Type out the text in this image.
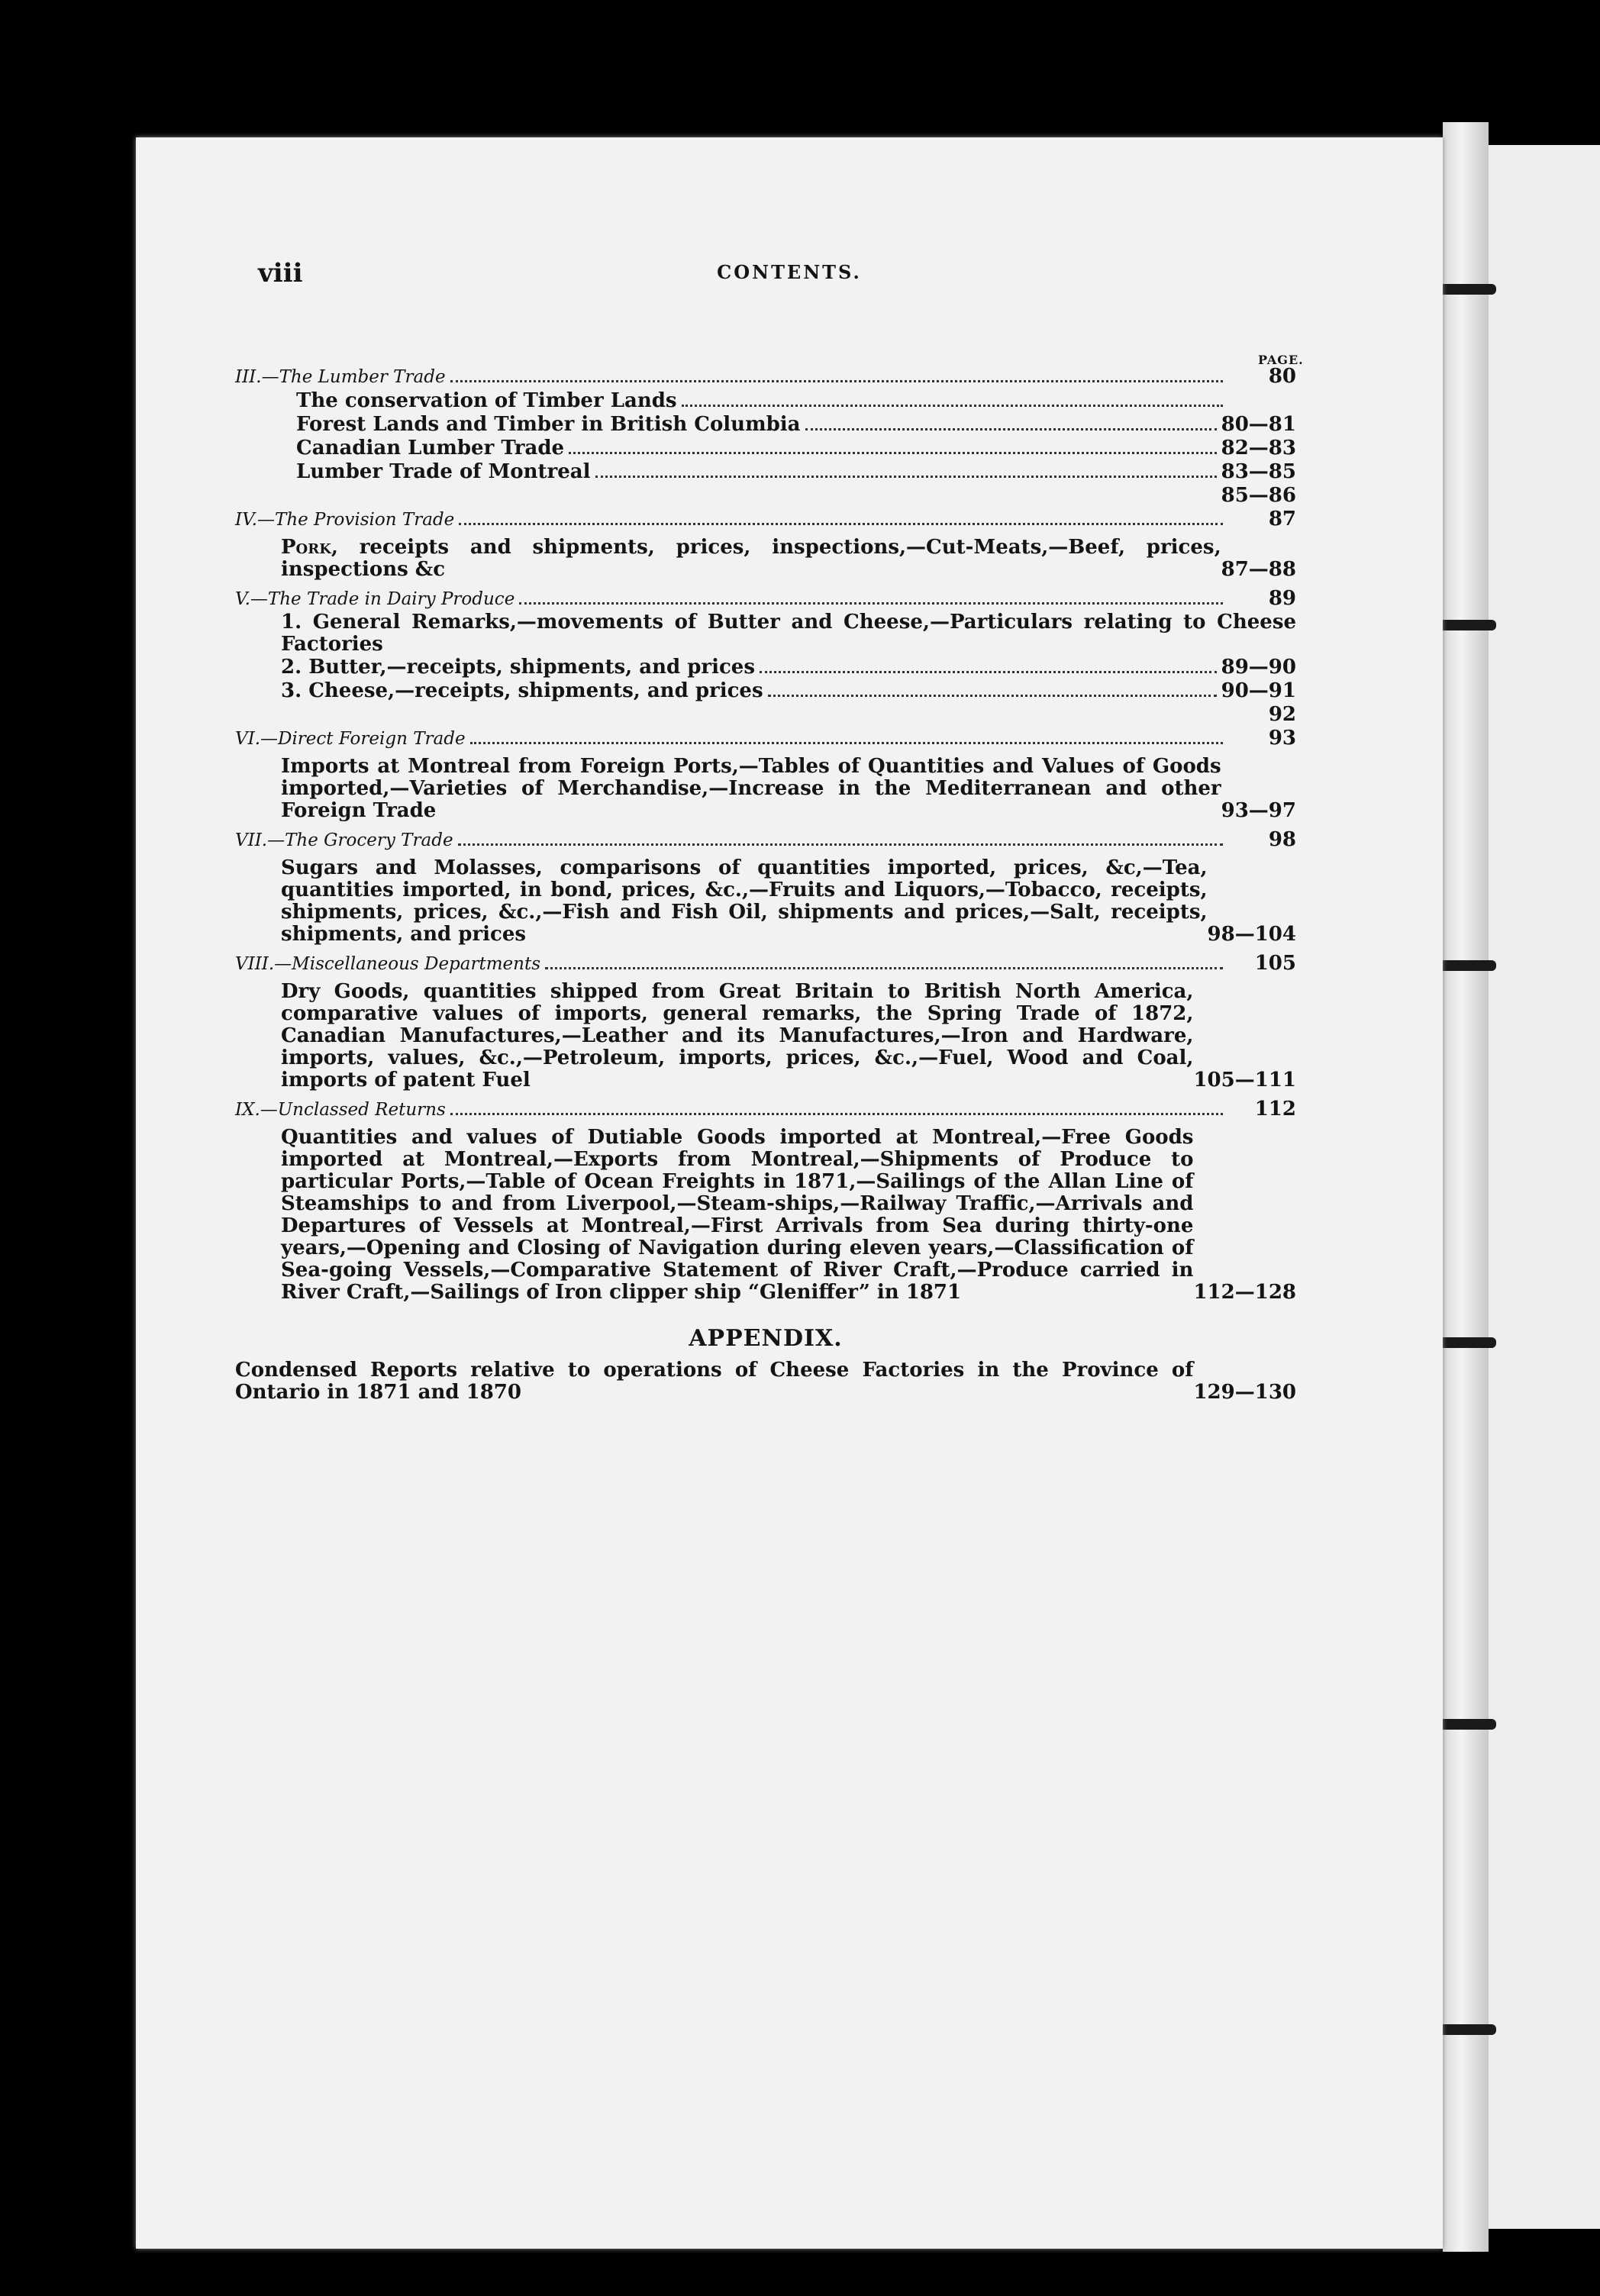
viii	CONTENTS.
PAGE.
III.—The Lumber Trade	80
The conservation of Timber Lands
Forest Lands and Timber in British Columbia	80—81
Canadian Lumber Trade	82—83
Lumber Trade of Montreal	83—85
85—86
IV.—The Provision Trade	87
Pork, receipts and shipments, prices, inspections,—Cut-Meats,—Beef, prices, inspections &c	87—88
V.—The Trade in Dairy Produce	89
1. General Remarks,—movements of Butter and Cheese,—Particulars relating to Cheese Factories
2. Butter,—receipts, shipments, and prices	89—90
3. Cheese,—receipts, shipments, and prices	90—91
92
VI.—Direct Foreign Trade	93
Imports at Montreal from Foreign Ports,—Tables of Quantities and Values of Goods imported,—Varieties of Merchandise,—Increase in the Mediterranean and other Foreign Trade	93—97
VII.—The Grocery Trade	98
Sugars and Molasses, comparisons of quantities imported, prices, &c,—Tea, quantities imported, in bond, prices, &c.,—Fruits and Liquors,—Tobacco, receipts, shipments, prices, &c.,—Fish and Fish Oil, shipments and prices,—Salt, receipts, shipments, and prices	98—104
VIII.—Miscellaneous Departments	105
Dry Goods, quantities shipped from Great Britain to British North America, comparative values of imports, general remarks, the Spring Trade of 1872, Canadian Manufactures,—Leather and its Manufactures,—Iron and Hardware, imports, values, &c.,—Petroleum, imports, prices, &c.,—Fuel, Wood and Coal, imports of patent Fuel	105—111
IX.—Unclassed Returns	112
Quantities and values of Dutiable Goods imported at Montreal,—Free Goods imported at Montreal,—Exports from Montreal,—Shipments of Produce to particular Ports,—Table of Ocean Freights in 1871,—Sailings of the Allan Line of Steamships to and from Liverpool,—Steam-ships,—Railway Traffic,—Arrivals and Departures of Vessels at Montreal,—First Arrivals from Sea during thirty-one years,—Opening and Closing of Navigation during eleven years,—Classification of Sea-going Vessels,—Comparative Statement of River Craft,—Produce carried in River Craft,—Sailings of Iron clipper ship “Gleniffer” in 1871	112—128
APPENDIX.
Condensed Reports relative to operations of Cheese Factories in the Province of Ontario in 1871 and 1870	129—130
